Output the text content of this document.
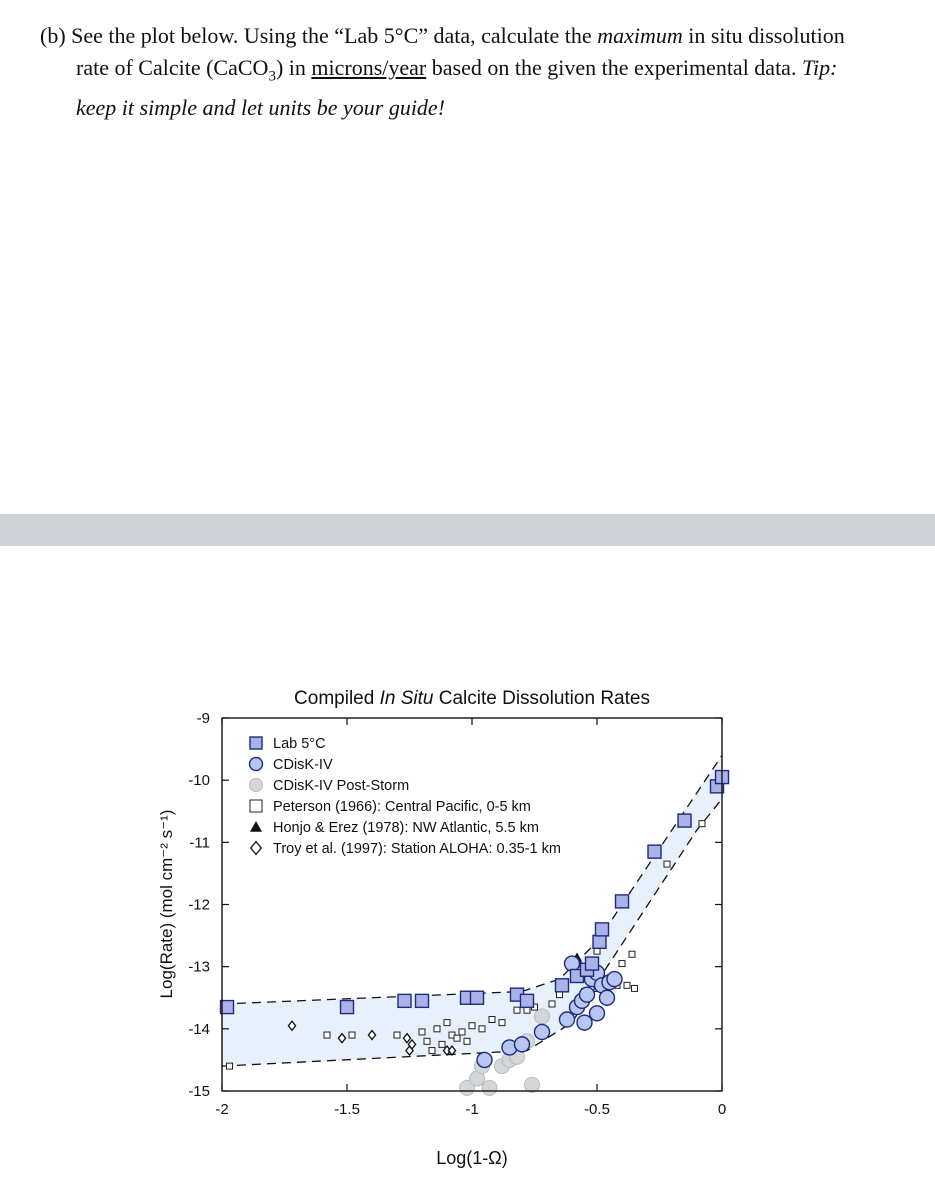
(b) See the plot below. Using the “Lab 5°C” data, calculate the maximum in situ dissolution
rate of Calcite (CaCO$_3$) in microns/year based on the given the experimental data. Tip:
keep it simple and let units be your guide!
Compiled In Situ Calcite Dissolution Rates
-2	-1.5	-1	-0.5	0
-9
-10
-11
-12
-13
-14
-15
Lab 5°C
CDisK-IV
CDisK-IV Post-Storm
Peterson (1966): Central Pacific, 0-5 km
Honjo & Erez (1978): NW Atlantic, 5.5 km
Troy et al. (1997): Station ALOHA: 0.35-1 km
Log(1-Ω)
Log(Rate) (mol cm⁻² s⁻¹)
